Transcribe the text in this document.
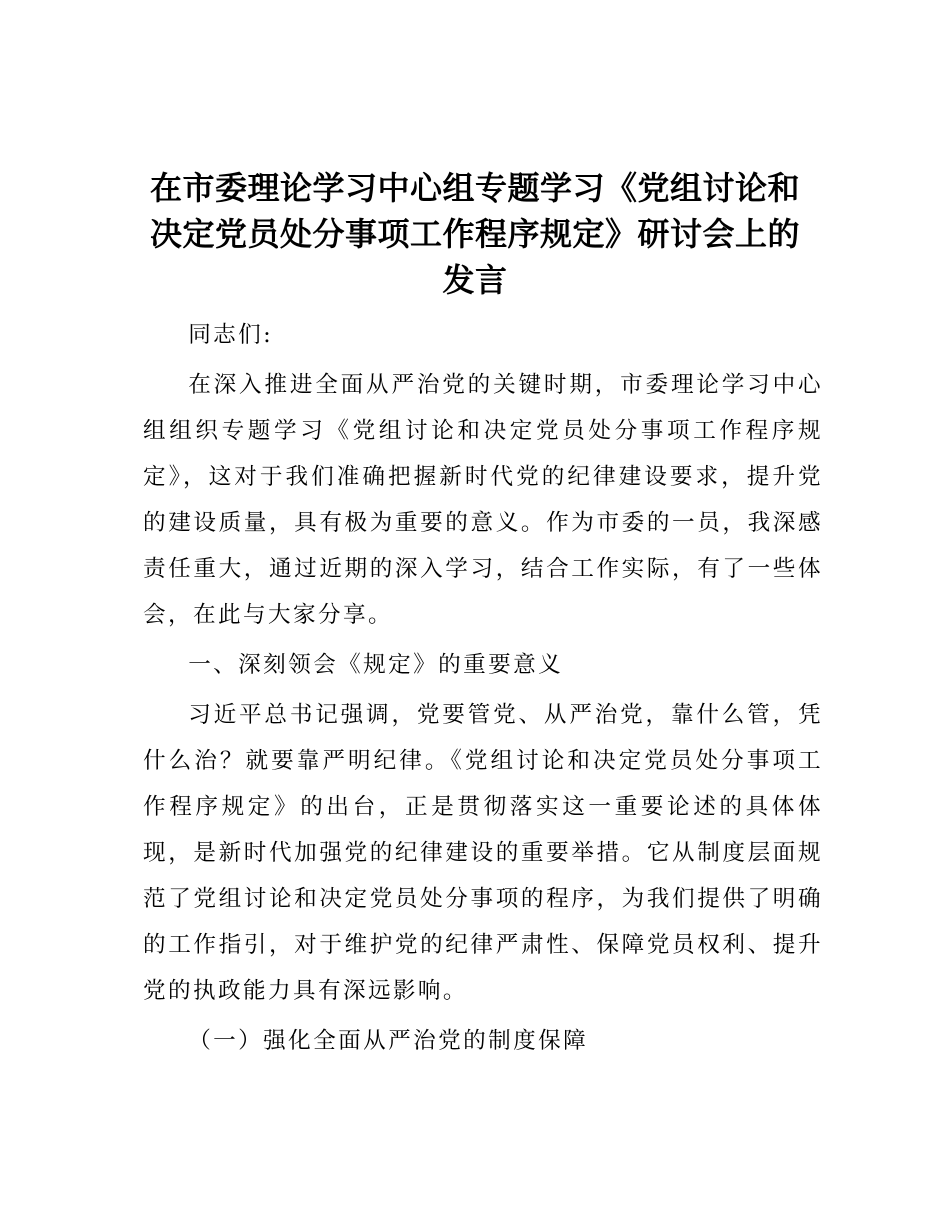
在市委理论学习中心组专题学习《党组讨论和
决定党员处分事项工作程序规定》研讨会上的
发言

同志们:

在深入推进全面从严治党的关键时期，市委理论学习中心组组织专题学习《党组讨论和决定党员处分事项工作程序规定》，这对于我们准确把握新时代党的纪律建设要求，提升党的建设质量，具有极为重要的意义。作为市委的一员，我深感责任重大，通过近期的深入学习，结合工作实际，有了一些体会，在此与大家分享。

一、深刻领会《规定》的重要意义

习近平总书记强调，党要管党、从严治党，靠什么管，凭什么治？就要靠严明纪律。《党组讨论和决定党员处分事项工作程序规定》的出台，正是贯彻落实这一重要论述的具体体现，是新时代加强党的纪律建设的重要举措。它从制度层面规范了党组讨论和决定党员处分事项的程序，为我们提供了明确的工作指引，对于维护党的纪律严肃性、保障党员权利、提升党的执政能力具有深远影响。

（一）强化全面从严治党的制度保障
